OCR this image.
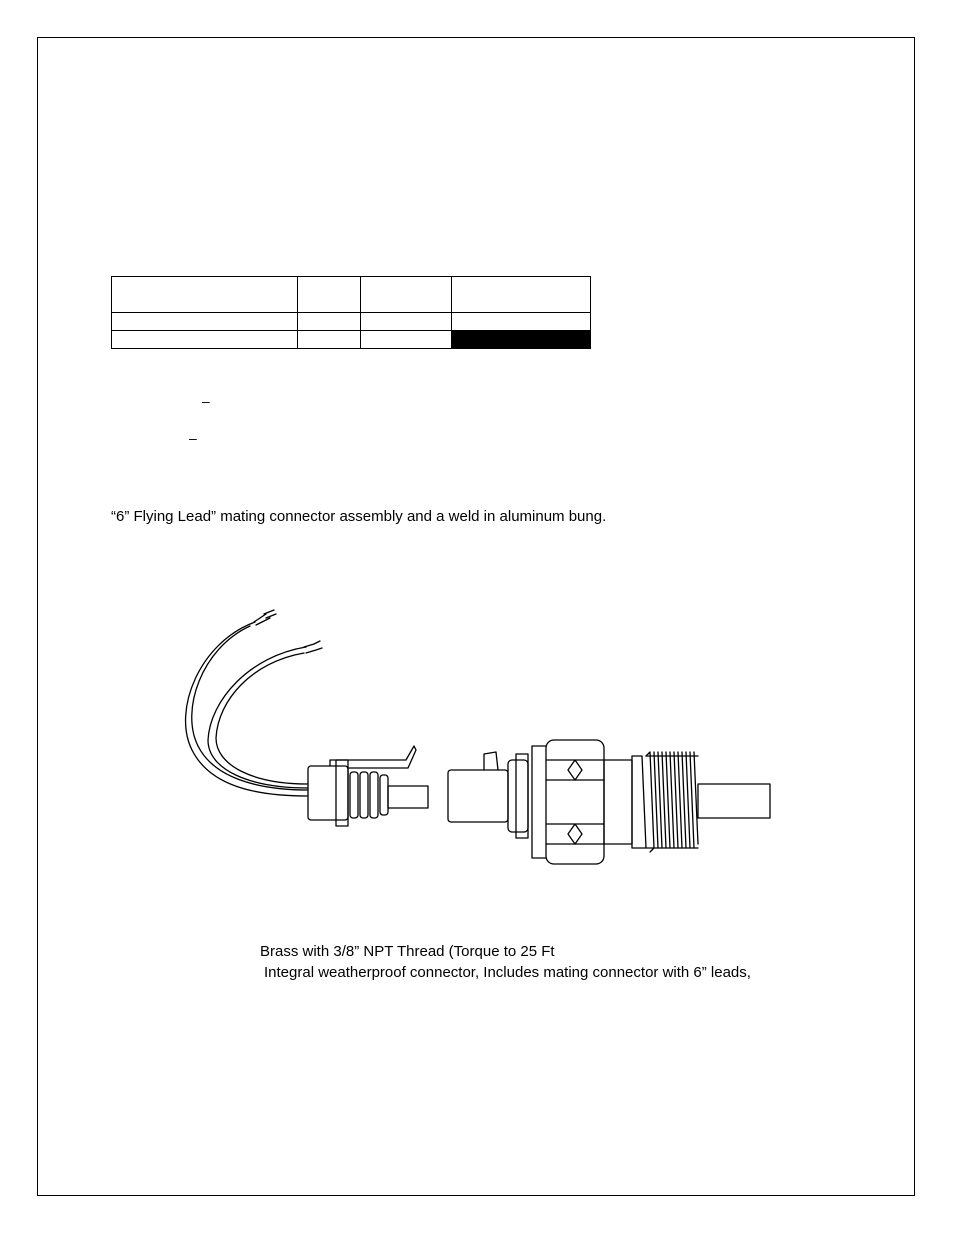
–
–
“6” Flying Lead” mating connector assembly and a weld in aluminum bung.
Brass with 3/8” NPT Thread (Torque to 25 Ft
Integral weatherproof connector, Includes mating connector with 6” leads,
